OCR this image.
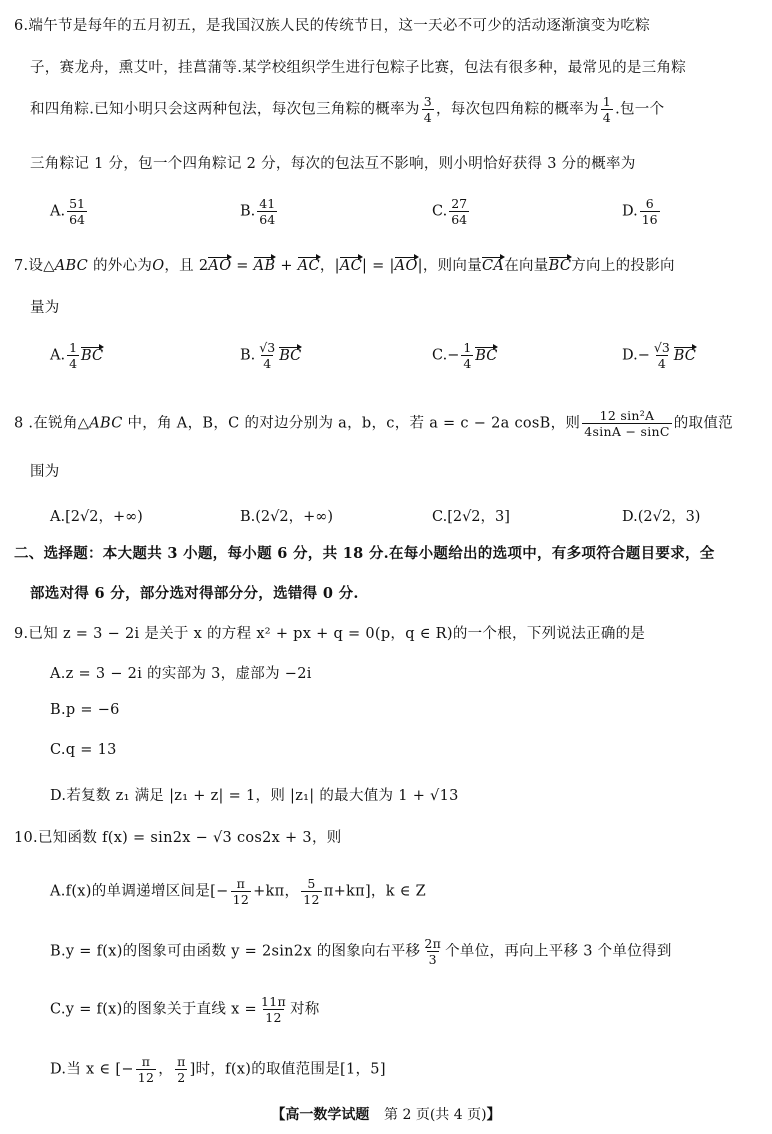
6.端午节是每年的五月初五，是我国汉族人民的传统节日，这一天必不可少的活动逐渐演变为吃粽
子，赛龙舟，熏艾叶，挂菖蒲等.某学校组织学生进行包粽子比赛，包法有很多种，最常见的是三角粽
和四角粽.已知小明只会这两种包法，每次包三角粽的概率为 $\frac{3}{4}$ ，每次包四角粽的概率为 $\frac{1}{4}$ .包一个
三角粽记 1 分，包一个四角粽记 2 分，每次的包法互不影响，则小明恰好获得 3 分的概率为
A. $\frac{51}{64}$	B. $\frac{41}{64}$	C. $\frac{27}{64}$	D. $\frac{6}{16}$
7.设△ABC 的外心为O，且 2AO = AB + AC，|AC| = |AO|，则向量CA在向量BC方向上的投影向
量为
A. $\frac{1}{4}$ BC	B. $\frac{√3}{4}$ BC	$C.- \frac{1}{4}$ BC	$D.- \frac{√3}{4}$ BC
8 .在锐角△ABC 中，角 A，B，C 的对边分别为 a，b，c，若 a = c − 2a cosB，则 $\frac{\text{12 sin²A}}{4\sin A - \sin C}$ 的取值范
围为
A.[2√2，+∞)	B.(2√2，+∞)	C.[2√2，3]	D.(2√2，3)
二、选择题：本大题共 3 小题，每小题 6 分，共 18 分.在每小题给出的选项中，有多项符合题目要求，全
部选对得 6 分，部分选对得部分分，选错得 0 分.
9.已知 z = 3 − 2i 是关于 x 的方程 x² + px + q = 0(p，q ∈ R)的一个根，下列说法正确的是
A.z = 3 − 2i 的实部为 3，虚部为 −2i
B.p = −6
C.q = 13
D.若复数 z₁ 满足 |z₁ + z| = 1，则 |z₁| 的最大值为 1 + √13
10.已知函数 f(x) = sin2x − √3 cos2x + 3，则
A.f(x)的单调递增区间是[− $\frac{\pi}{12} +k\pi$， $\frac{5}{12} \pi+k\pi$]，k ∈ Z
B.y = f(x)的图象可由函数 y = 2sin2x 的图象向右平移 $\frac{2\pi}{3}$ 个单位，再向上平移 3 个单位得到
C.y = f(x)的图象关于直线 $x = \frac{11\pi}{12}$ 对称
D.当 x ∈ [− $\frac{\pi}{12}$ ， $\frac{\pi}{2}$ ]时，f(x)的取值范围是[1，5]
【高一数学试题 第 2 页(共 4 页)】
